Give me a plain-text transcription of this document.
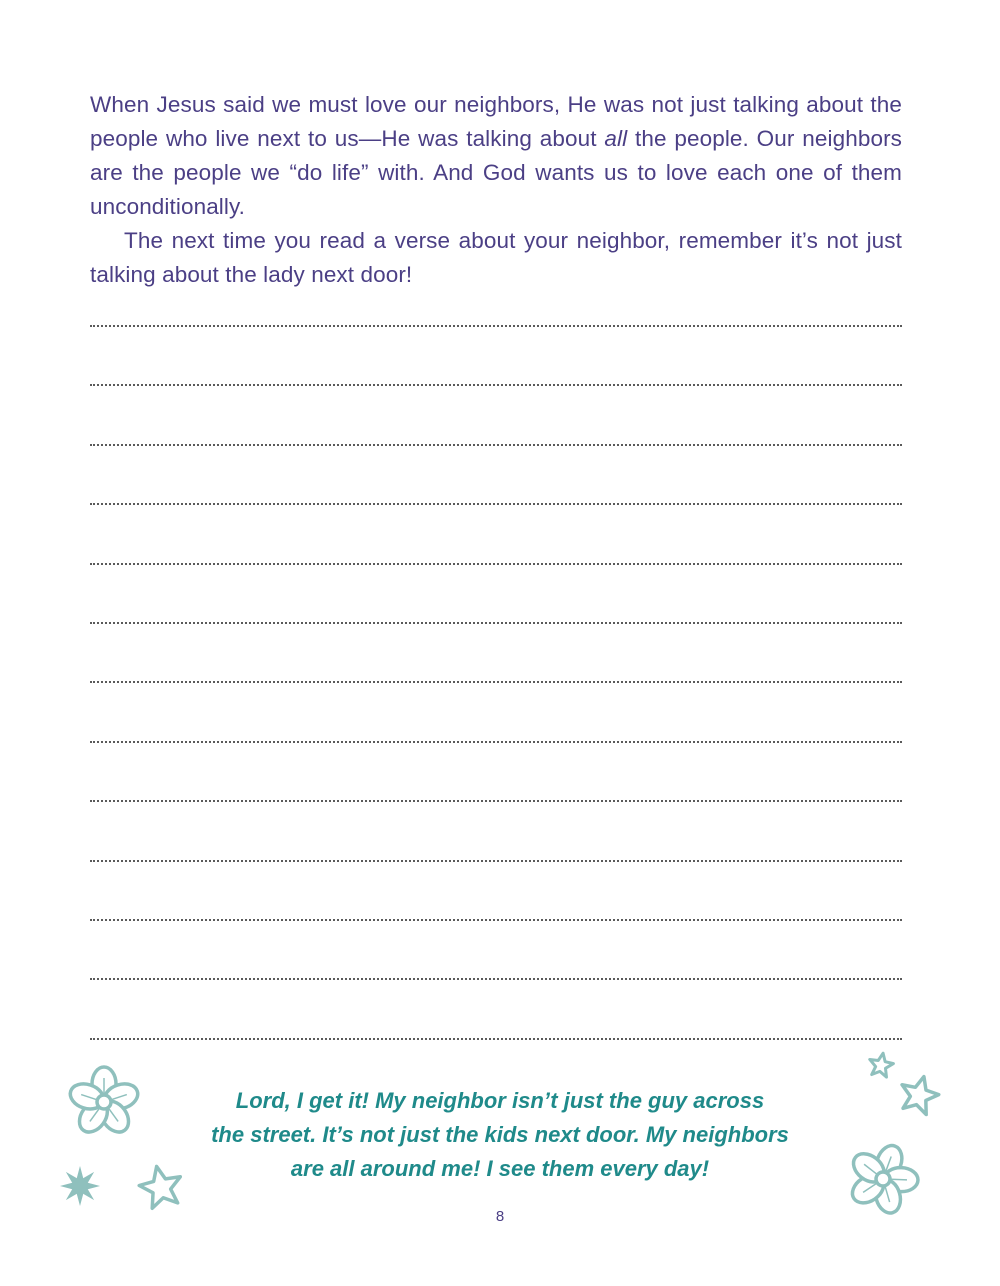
When Jesus said we must love our neighbors, He was not just talking about the people who live next to us—He was talking about all the people. Our neighbors are the people we “do life” with. And God wants us to love each one of them unconditionally.

The next time you read a verse about your neighbor, remember it’s not just talking about the lady next door!

Lord, I get it! My neighbor isn’t just the guy across
the street. It’s not just the kids next door. My neighbors
are all around me! I see them every day!
8
